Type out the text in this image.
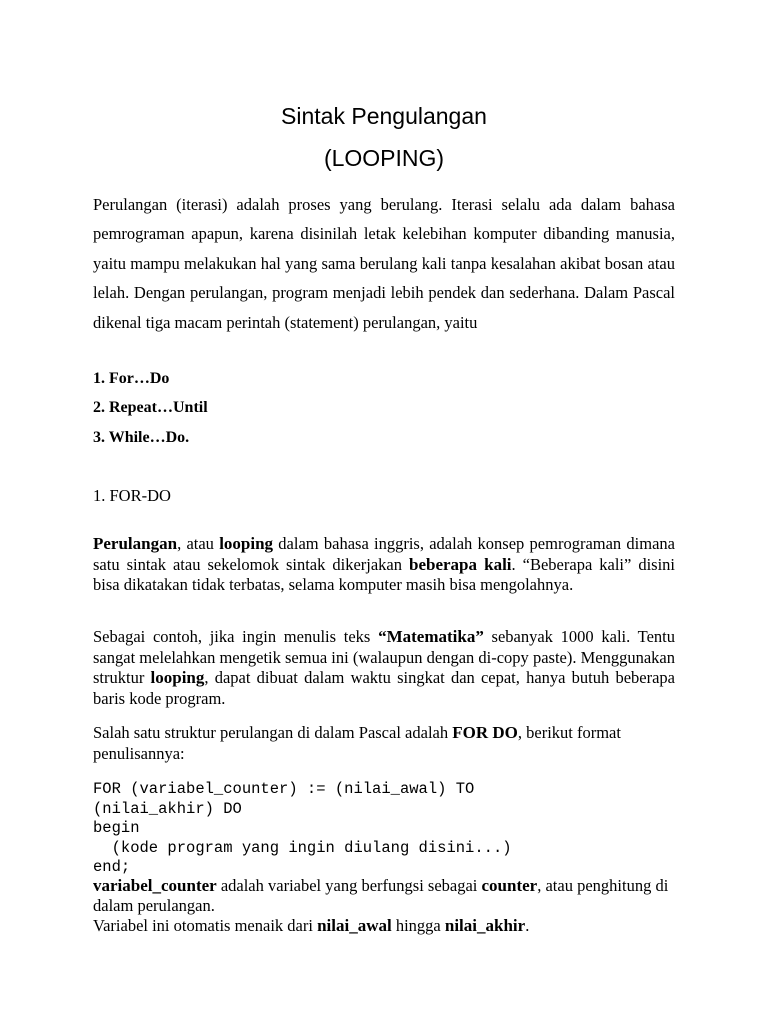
Sintak Pengulangan
(LOOPING)

Perulangan (iterasi) adalah proses yang berulang. Iterasi selalu ada dalam bahasa pemrograman apapun, karena disinilah letak kelebihan komputer dibanding manusia, yaitu mampu melakukan hal yang sama berulang kali tanpa kesalahan akibat bosan atau lelah. Dengan perulangan, program menjadi lebih pendek dan sederhana. Dalam Pascal dikenal tiga macam perintah (statement) perulangan, yaitu

1. For…Do

2. Repeat…Until

3. While…Do.

1. FOR-DO

Perulangan, atau looping dalam bahasa inggris, adalah konsep pemrograman dimana satu sintak atau sekelomok sintak dikerjakan beberapa kali. “Beberapa kali” disini bisa dikatakan tidak terbatas, selama komputer masih bisa mengolahnya.

Sebagai contoh, jika ingin menulis teks “Matematika” sebanyak 1000 kali. Tentu sangat melelahkan mengetik semua ini (walaupun dengan di-copy paste). Menggunakan struktur looping, dapat dibuat dalam waktu singkat dan cepat, hanya butuh beberapa baris kode program.

Salah satu struktur perulangan di dalam Pascal adalah FOR DO, berikut format penulisannya:

FOR (variabel_counter) := (nilai_awal) TO
(nilai_akhir) DO
begin
(kode program yang ingin diulang disini...)
end;

variabel_counter adalah variabel yang berfungsi sebagai counter, atau penghitung di dalam perulangan.
Variabel ini otomatis menaik dari nilai_awal hingga nilai_akhir.
